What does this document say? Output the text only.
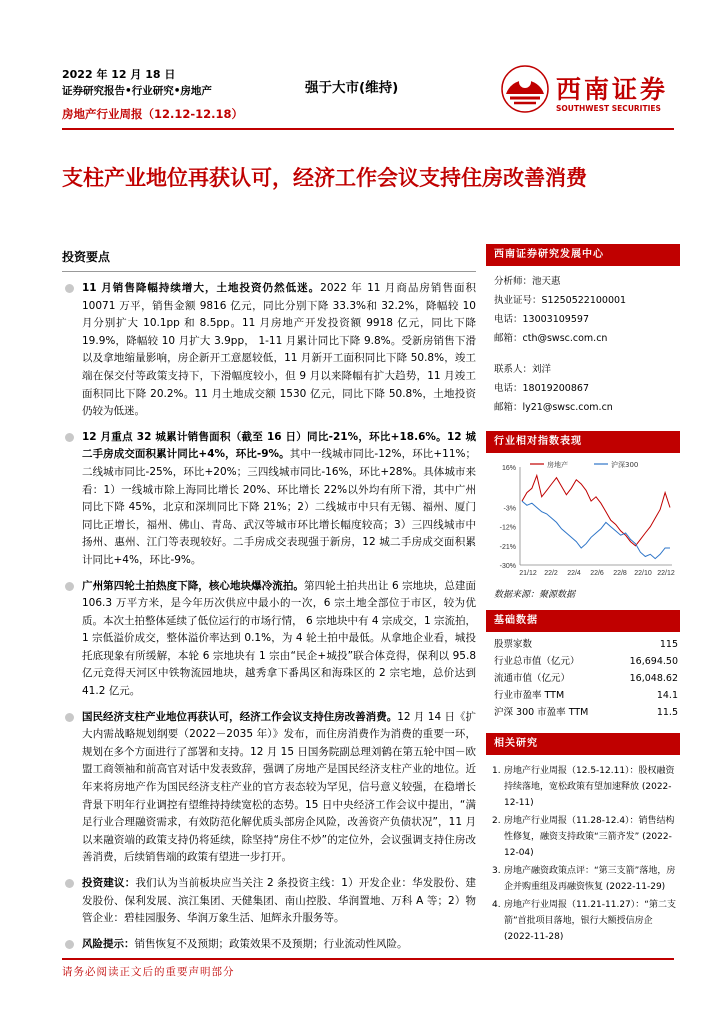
2022 年 12 月 18 日
证券研究报告•行业研究•房地产
房地产行业周报（12.12-12.18）
强于大市(维持)	西南证券
SOUTHWEST SECURITIES
支柱产业地位再获认可，经济工作会议支持住房改善消费
投资要点
11 月销售降幅持续增大，土地投资仍然低迷。2022 年 11 月商品房销售面积 10071 万平，销售金额 9816 亿元，同比分别下降 33.3%和 32.2%，降幅较 10 月分别扩大 10.1pp 和 8.5pp。11 月房地产开发投资额 9918 亿元，同比下降 19.9%，降幅较 10 月扩大 3.9pp， 1-11 月累计同比下降 9.8%。受新房销售下滑以及拿地缩量影响，房企新开工意愿较低，11 月新开工面积同比下降 50.8%，竣工端在保交付等政策支持下，下滑幅度较小，但 9 月以来降幅有扩大趋势，11 月竣工面积同比下降 20.2%。11 月土地成交额 1530 亿元，同比下降 50.8%，土地投资仍较为低迷。
12 月重点 32 城累计销售面积（截至 16 日）同比-21%，环比+18.6%。12 城二手房成交面积累计同比+4%，环比-9%。其中一线城市同比-12%，环比+11%；二线城市同比-25%，环比+20%；三四线城市同比-16%，环比+28%。具体城市来看：1）一线城市除上海同比增长 20%、环比增长 22%以外均有所下滑，其中广州同比下降 45%，北京和深圳同比下降 21%；2）二线城市中只有无锡、福州、厦门同比正增长，福州、佛山、青岛、武汉等城市环比增长幅度较高；3）三四线城市中扬州、惠州、江门等表现较好。二手房成交表现强于新房，12 城二手房成交面积累计同比+4%，环比-9%。
广州第四轮土拍热度下降，核心地块爆冷流拍。第四轮土拍共出让 6 宗地块，总建面 106.3 万平方米，是今年历次供应中最小的一次，6 宗土地全部位于市区，较为优质。本次土拍整体延续了低位运行的市场行情， 6 宗地块中有 4 宗成交，1 宗流拍，1 宗低溢价成交，整体溢价率达到 0.1%，为 4 轮土拍中最低。从拿地企业看，城投托底现象有所缓解，本轮 6 宗地块有 1 宗由“民企+城投”联合体竞得，保利以 95.8 亿元竞得天河区中铁物流园地块，越秀拿下番禺区和海珠区的 2 宗宅地，总价达到 41.2 亿元。
国民经济支柱产业地位再获认可，经济工作会议支持住房改善消费。12 月 14 日《扩大内需战略规划纲要（2022－2035 年）》发布，而住房消费作为消费的重要一环，规划在多个方面进行了部署和支持。12 月 15 日国务院副总理刘鹤在第五轮中国－欧盟工商领袖和前高官对话中发表致辞，强调了房地产是国民经济支柱产业的地位。近年来将房地产作为国民经济支柱产业的官方表态较为罕见，信号意义较强，在稳增长背景下明年行业调控有望维持持续宽松的态势。15 日中央经济工作会议中提出，“满足行业合理融资需求，有效防范化解优质头部房企风险，改善资产负债状况”，11 月以来融资端的政策支持仍将延续，除坚持“房住不炒”的定位外，会议强调支持住房改善消费，后续销售端的政策有望进一步打开。
投资建议：我们认为当前板块应当关注 2 条投资主线：1）开发企业：华发股份、建发股份、保利发展、滨江集团、天健集团、南山控股、华润置地、万科 A 等；2）物管企业：碧桂园服务、华润万象生活、旭辉永升服务等。
风险提示：销售恢复不及预期；政策效果不及预期；行业流动性风险。
西南证券研究发展中心
分析师：池天惠
执业证号：S1250522100001
电话：13003109597
邮箱：cth@swsc.com.cn
联系人：刘洋
电话：18019200867
邮箱：ly21@swsc.com.cn
行业相对指数表现
16%
-3%
-12%
-21%
-30%
21/12 22/2 22/4 22/6 22/8 22/10 22/12
房地产	沪深300
数据来源：聚源数据
基础数据
股票家数	115
行业总市值（亿元）	16,694.50
流通市值（亿元）	16,048.62
行业市盈率 TTM	14.1
沪深 300 市盈率 TTM	11.5
相关研究
1. 房地产行业周报（12.5-12.11）：股权融资持续落地，宽松政策有望加速释放 (2022-12-11)
2. 房地产行业周报（11.28-12.4）：销售结构性修复，融资支持政策“三箭齐发” (2022-12-04)
3. 房地产融资政策点评：“第三支箭”落地，房企并购重组及再融资恢复 (2022-11-29)
4. 房地产行业周报（11.21-11.27）：“第二支箭”首批项目落地，银行大额授信房企 (2022-11-28)
请务必阅读正文后的重要声明部分
